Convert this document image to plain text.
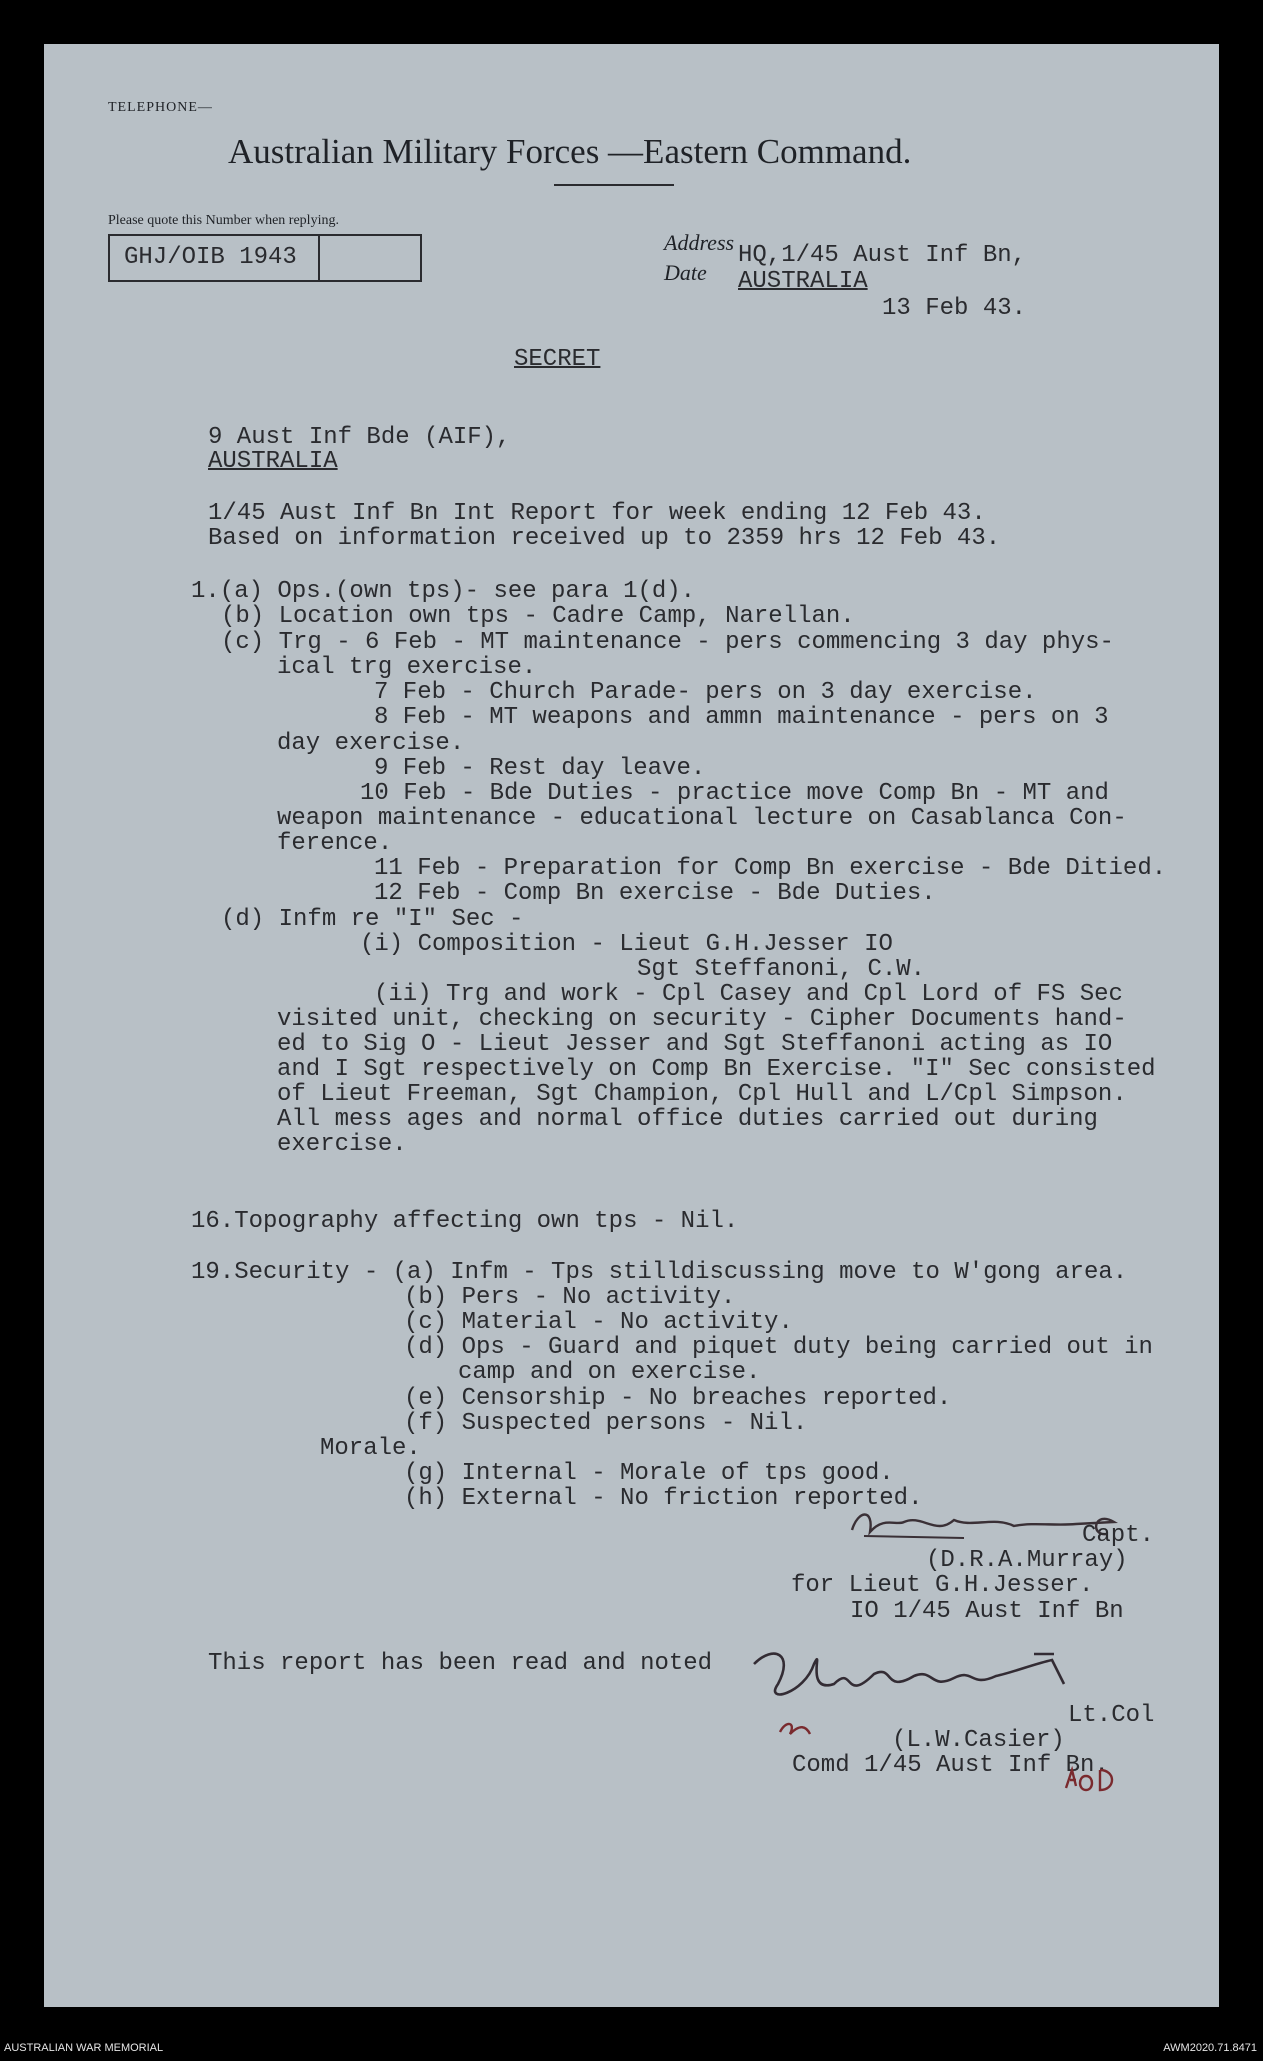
TELEPHONE—
Australian Military Forces —Eastern Command.
Please quote this Number when replying.
GHJ/OIB 1943
Address
Date
HQ,1/45 Aust Inf Bn,
AUSTRALIA
13 Feb 43.
SECRET
9 Aust Inf Bde (AIF),
AUSTRALIA
1/45 Aust Inf Bn Int Report for week ending 12 Feb 43.
Based on information received up to 2359 hrs 12 Feb 43.
1.(a) Ops.(own tps)- see para 1(d).
(b) Location own tps - Cadre Camp, Narellan.
(c) Trg - 6 Feb - MT maintenance - pers commencing 3 day phys-
ical trg exercise.
7 Feb - Church Parade- pers on 3 day exercise.
8 Feb - MT weapons and ammn maintenance - pers on 3
day exercise.
9 Feb - Rest day leave.
10 Feb - Bde Duties - practice move Comp Bn - MT and
weapon maintenance - educational lecture on Casablanca Con-
ference.
11 Feb - Preparation for Comp Bn exercise - Bde Ditied.
12 Feb - Comp Bn exercise - Bde Duties.
(d) Infm re "I" Sec -
(i) Composition - Lieut G.H.Jesser IO
Sgt Steffanoni, C.W.
(ii) Trg and work - Cpl Casey and Cpl Lord of FS Sec
visited unit, checking on security - Cipher Documents hand-
ed to Sig O - Lieut Jesser and Sgt Steffanoni acting as IO
and I Sgt respectively on Comp Bn Exercise. "I" Sec consisted
of Lieut Freeman, Sgt Champion, Cpl Hull and L/Cpl Simpson.
All mess ages and normal office duties carried out during
exercise.
16.Topography affecting own tps - Nil.
19.Security - (a) Infm - Tps stilldiscussing move to W'gong area.
(b) Pers - No activity.
(c) Material - No activity.
(d) Ops - Guard and piquet duty being carried out in
camp and on exercise.
(e) Censorship - No breaches reported.
(f) Suspected persons - Nil.
Morale.
(g) Internal - Morale of tps good.
(h) External - No friction reported.
Capt.
(D.R.A.Murray)
for Lieut G.H.Jesser.
IO 1/45 Aust Inf Bn
This report has been read and noted
Lt.Col
(L.W.Casier)
Comd 1/45 Aust Inf Bn.
AUSTRALIAN WAR MEMORIAL	AWM2020.71.8471
